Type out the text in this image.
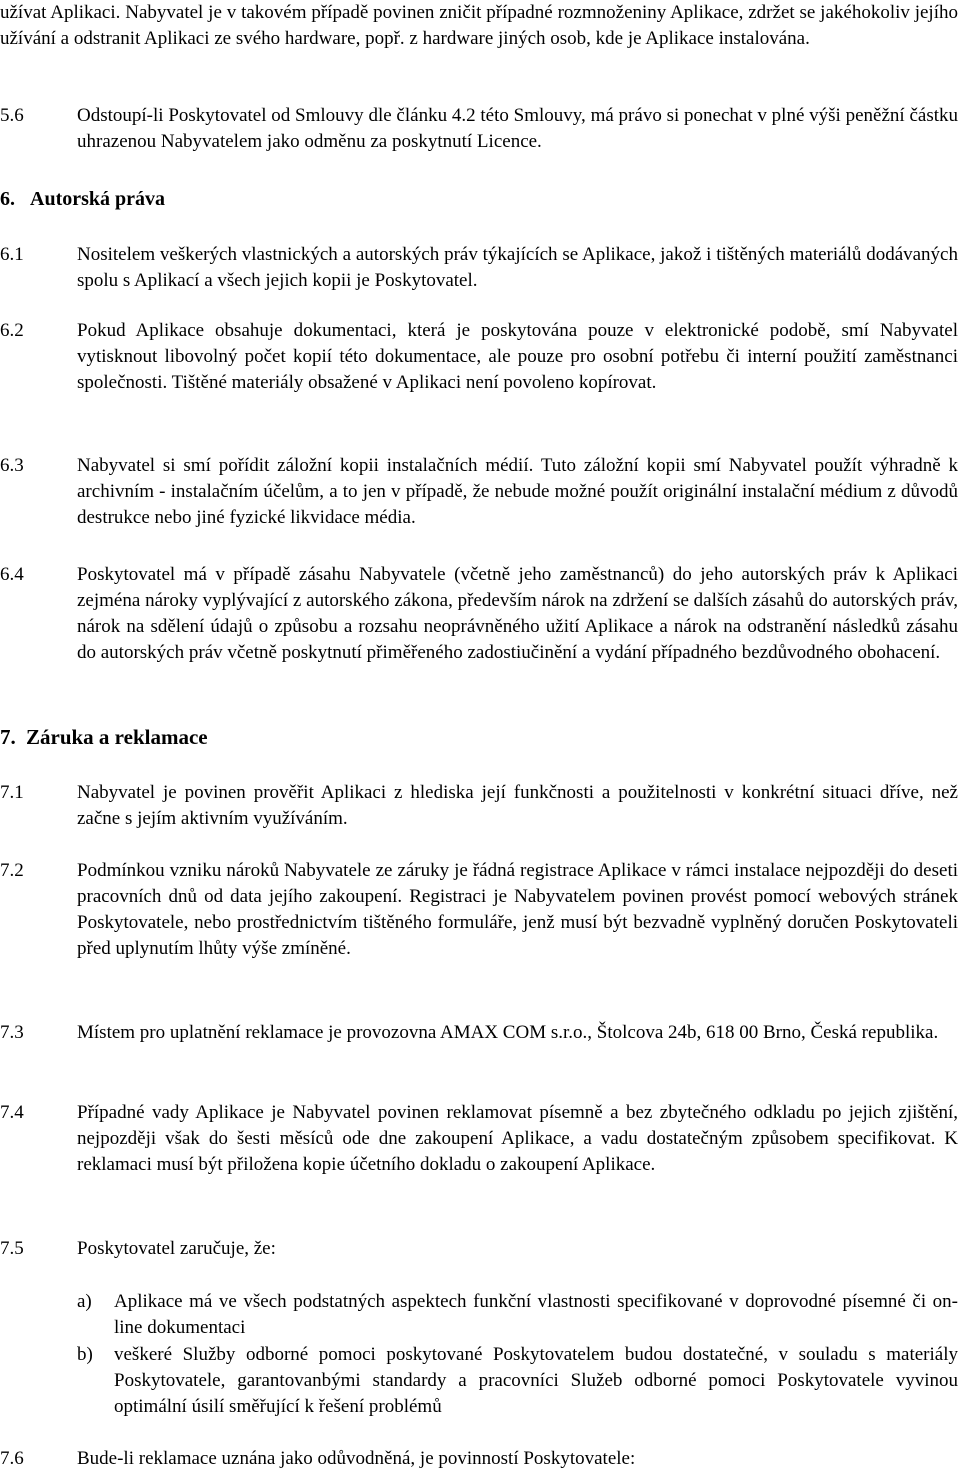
užívat Aplikaci. Nabyvatel je v takovém případě povinen zničit případné rozmnoženiny Aplikace, zdržet se jakéhokoliv jejího užívání a odstranit Aplikaci ze svého hardware, popř. z hardware jiných osob, kde je Aplikace instalována.
5.6	Odstoupí-li Poskytovatel od Smlouvy dle článku 4.2 této Smlouvy, má právo si ponechat v plné výši peněžní částku uhrazenou Nabyvatelem jako odměnu za poskytnutí Licence.
6. Autorská práva
6.1	Nositelem veškerých vlastnických a autorských práv týkajících se Aplikace, jakož i tištěných materiálů dodávaných spolu s Aplikací a všech jejich kopii je Poskytovatel.
6.2	Pokud Aplikace obsahuje dokumentaci, která je poskytována pouze v elektronické podobě, smí Nabyvatel vytisknout libovolný počet kopií této dokumentace, ale pouze pro osobní potřebu či interní použití zaměstnanci společnosti. Tištěné materiály obsažené v Aplikaci není povoleno kopírovat.
6.3	Nabyvatel si smí pořídit záložní kopii instalačních médií. Tuto záložní kopii smí Nabyvatel použít výhradně k archivním - instalačním účelům, a to jen v případě, že nebude možné použít originální instalační médium z důvodů destrukce nebo jiné fyzické likvidace média.
6.4	Poskytovatel má v případě zásahu Nabyvatele (včetně jeho zaměstnanců) do jeho autorských práv k Aplikaci zejména nároky vyplývající z autorského zákona, především nárok na zdržení se dalších zásahů do autorských práv, nárok na sdělení údajů o způsobu a rozsahu neoprávněného užití Aplikace a nárok na odstranění následků zásahu do autorských práv včetně poskytnutí přiměřeného zadostiučinění a vydání případného bezdůvodného obohacení.
7. Záruka a reklamace
7.1	Nabyvatel je povinen prověřit Aplikaci z hlediska její funkčnosti a použitelnosti v konkrétní situaci dříve, než začne s jejím aktivním využíváním.
7.2	Podmínkou vzniku nároků Nabyvatele ze záruky je řádná registrace Aplikace v rámci instalace nejpozději do deseti pracovních dnů od data jejího zakoupení. Registraci je Nabyvatelem povinen provést pomocí webových stránek Poskytovatele, nebo prostřednictvím tištěného formuláře, jenž musí být bezvadně vyplněný doručen Poskytovateli před uplynutím lhůty výše zmíněné.
7.3	Místem pro uplatnění reklamace je provozovna AMAX COM s.r.o., Štolcova 24b, 618 00 Brno, Česká republika.
7.4	Případné vady Aplikace je Nabyvatel povinen reklamovat písemně a bez zbytečného odkladu po jejich zjištění, nejpozději však do šesti měsíců ode dne zakoupení Aplikace, a vadu dostatečným způsobem specifikovat. K reklamaci musí být přiložena kopie účetního dokladu o zakoupení Aplikace.
7.5	Poskytovatel zaručuje, že:
a) Aplikace má ve všech podstatných aspektech funkční vlastnosti specifikované v doprovodné písemné či on-line dokumentaci
b) veškeré Služby odborné pomoci poskytované Poskytovatelem budou dostatečné, v souladu s materiály Poskytovatele, garantovanbými standardy a pracovníci Služeb odborné pomoci Poskytovatele vyvinou optimální úsilí směřující k řešení problémů
7.6	Bude-li reklamace uznána jako odůvodněná, je povinností Poskytovatele:
